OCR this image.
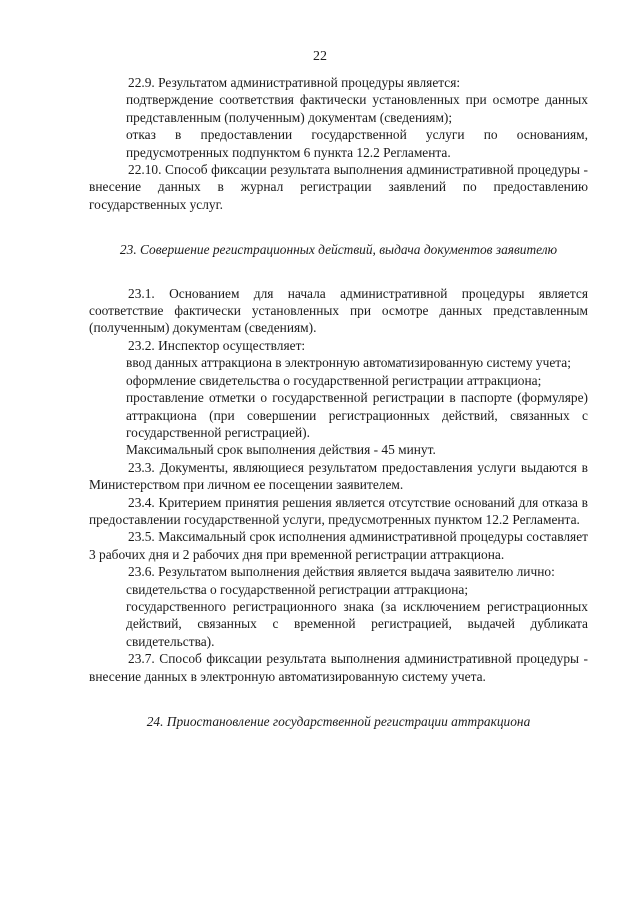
22

22.9. Результатом административной процедуры является:

подтверждение соответствия фактически установленных при осмотре данных представленным (полученным) документам (сведениям);

отказ в предоставлении государственной услуги по основаниям, предусмотренных подпунктом 6 пункта 12.2 Регламента.

22.10. Способ фиксации результата выполнения административной процедуры - внесение данных в журнал регистрации заявлений по предоставлению государственных услуг.

23. Совершение регистрационных действий, выдача документов заявителю

23.1. Основанием для начала административной процедуры является соответствие фактически установленных при осмотре данных представленным (полученным) документам (сведениям).

23.2. Инспектор осуществляет:

ввод данных аттракциона в электронную автоматизированную систему учета;

оформление свидетельства о государственной регистрации аттракциона;

проставление отметки о государственной регистрации в паспорте (формуляре) аттракциона (при совершении регистрационных действий, связанных с государственной регистрацией).

Максимальный срок выполнения действия - 45 минут.

23.3. Документы, являющиеся результатом предоставления услуги выдаются в Министерством при личном ее посещении заявителем.

23.4. Критерием принятия решения является отсутствие оснований для отказа в предоставлении государственной услуги, предусмотренных пунктом 12.2 Регламента.

23.5. Максимальный срок исполнения административной процедуры составляет 3 рабочих дня и 2 рабочих дня при временной регистрации аттракциона.

23.6. Результатом выполнения действия является выдача заявителю лично:

свидетельства о государственной регистрации аттракциона;

государственного регистрационного знака (за исключением регистрационных действий, связанных с временной регистрацией, выдачей дубликата свидетельства).

23.7. Способ фиксации результата выполнения административной процедуры - внесение данных в электронную автоматизированную систему учета.

24. Приостановление государственной регистрации аттракциона
